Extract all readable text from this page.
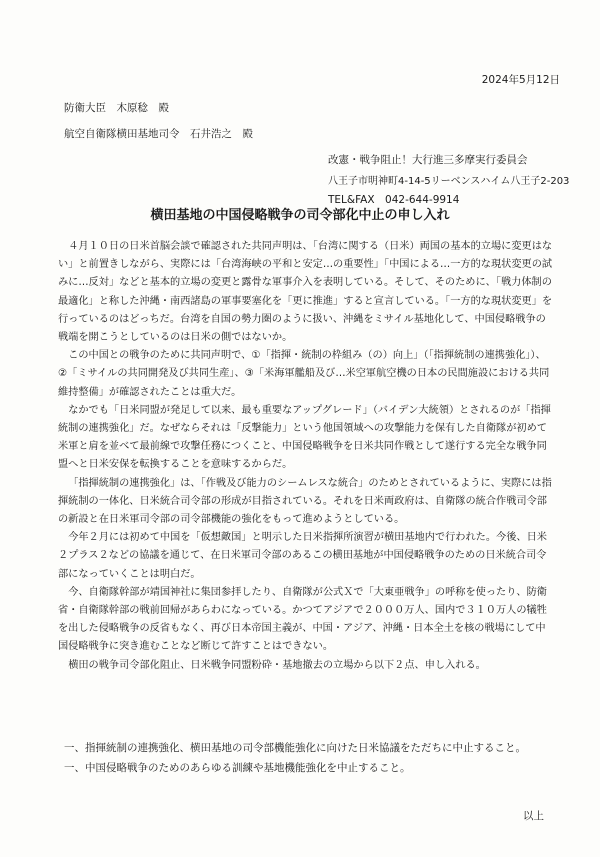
2024年5月12日
防衛大臣　木原稔　殿
航空自衛隊横田基地司令　石井浩之　殿
改憲・戦争阻止！大行進三多摩実行委員会
八王子市明神町4-14-5リーベンスハイム八王子2-203
TEL&FAX　042-644-9914
横田基地の中国侵略戦争の司令部化中止の申し入れ

４月１０日の日米首脳会談で確認された共同声明は、「台湾に関する（日米）両国の基本的立場に変更はない」と前置きしながら、実際には「台湾海峡の平和と安定…の重要性」「中国による…一方的な現状変更の試みに…反対」などと基本的立場の変更と露骨な軍事介入を表明している。そして、そのために、「戦力体制の最適化」と称した沖縄・南西諸島の軍事要塞化を「更に推進」すると宣言している。「一方的な現状変更」を行っているのはどっちだ。台湾を自国の勢力圏のように扱い、沖縄をミサイル基地化して、中国侵略戦争の戦端を開こうとしているのは日米の側ではないか。

この中国との戦争のために共同声明で、①「指揮・統制の枠組み（の）向上」（「指揮統制の連携強化」）、②「ミサイルの共同開発及び共同生産」、③「米海軍艦船及び…米空軍航空機の日本の民間施設における共同維持整備」が確認されたことは重大だ。

なかでも「日米同盟が発足して以来、最も重要なアップグレード」（バイデン大統領）とされるのが「指揮統制の連携強化」だ。なぜならそれは「反撃能力」という他国領域への攻撃能力を保有した自衛隊が初めて米軍と肩を並べて最前線で攻撃任務につくこと、中国侵略戦争を日米共同作戦として遂行する完全な戦争同盟へと日米安保を転換することを意味するからだ。

「指揮統制の連携強化」は、「作戦及び能力のシームレスな統合」のためとされているように、実際には指揮統制の一体化、日米統合司令部の形成が目指されている。それを日米両政府は、自衛隊の統合作戦司令部の新設と在日米軍司令部の司令部機能の強化をもって進めようとしている。

今年２月には初めて中国を「仮想敵国」と明示した日米指揮所演習が横田基地内で行われた。今後、日米２プラス２などの協議を通じて、在日米軍司令部のあるこの横田基地が中国侵略戦争のための日米統合司令部になっていくことは明白だ。

今、自衛隊幹部が靖国神社に集団参拝したり、自衛隊が公式Ｘで「大東亜戦争」の呼称を使ったり、防衛省・自衛隊幹部の戦前回帰があらわになっている。かつてアジアで２０００万人、国内で３１０万人の犠牲を出した侵略戦争の反省もなく、再び日本帝国主義が、中国・アジア、沖縄・日本全土を核の戦場にして中国侵略戦争に突き進むことなど断じて許すことはできない。

横田の戦争司令部化阻止、日米戦争同盟粉砕・基地撤去の立場から以下２点、申し入れる。

一、指揮統制の連携強化、横田基地の司令部機能強化に向けた日米協議をただちに中止すること。
一、中国侵略戦争のためのあらゆる訓練や基地機能強化を中止すること。
以上
